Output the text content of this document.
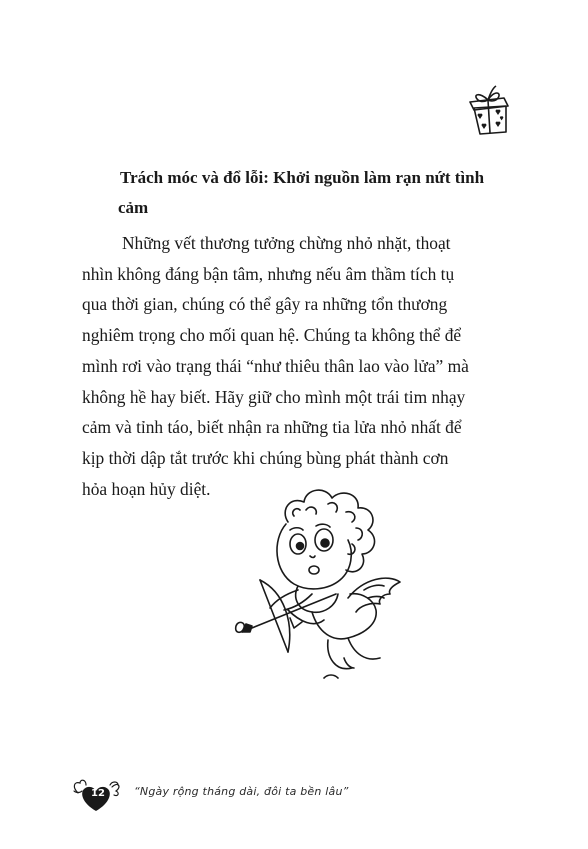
Trách móc và đổ lỗi: Khởi nguồn làm rạn nứt tình

cảm

Những vết thương tưởng chừng nhỏ nhặt, thoạt
nhìn không đáng bận tâm, nhưng nếu âm thầm tích tụ
qua thời gian, chúng có thể gây ra những tổn thương
nghiêm trọng cho mối quan hệ. Chúng ta không thể để
mình rơi vào trạng thái “như thiêu thân lao vào lửa” mà
không hề hay biết. Hãy giữ cho mình một trái tim nhạy
cảm và tỉnh táo, biết nhận ra những tia lửa nhỏ nhất để
kịp thời dập tắt trước khi chúng bùng phát thành cơn
hỏa hoạn hủy diệt.
12	“Ngày rộng tháng dài, đôi ta bền lâu”
